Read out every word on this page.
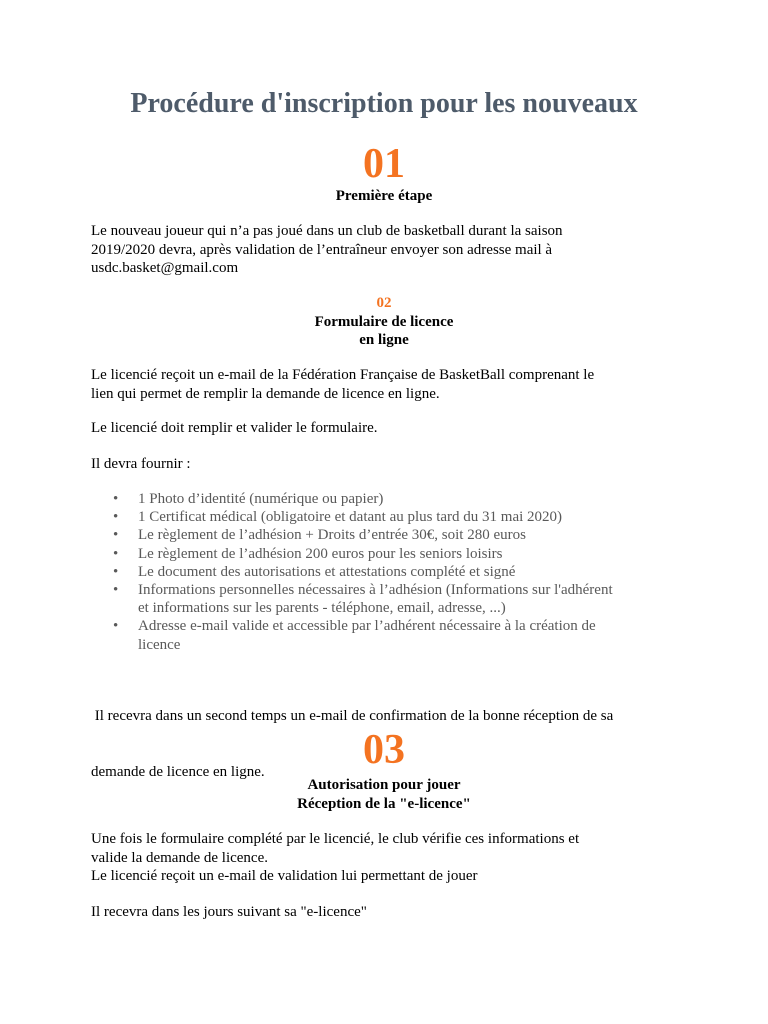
Procédure d'inscription pour les nouveaux
01
Première étape
Le nouveau joueur qui n’a pas joué dans un club de basketball durant la saison
2019/2020 devra, après validation de l’entraîneur envoyer son adresse mail à
usdc.basket@gmail.com
02
Formulaire de licence
en ligne
Le licencié reçoit un e-mail de la Fédération Française de BasketBall comprenant le
lien qui permet de remplir la demande de licence en ligne.
Le licencié doit remplir et valider le formulaire.
Il devra fournir :
• 1 Photo d’identité (numérique ou papier)
• 1 Certificat médical (obligatoire et datant au plus tard du 31 mai 2020)
• Le règlement de l’adhésion + Droits d’entrée 30€, soit 280 euros
• Le règlement de l’adhésion 200 euros pour les seniors loisirs
• Le document des autorisations et attestations complété et signé
• Informations personnelles nécessaires à l’adhésion (Informations sur l'adhérent
et informations sur les parents - téléphone, email, adresse, ...)
• Adresse e-mail valide et accessible par l’adhérent nécessaire à la création de
licence

Il recevra dans un second temps un e-mail de confirmation de la bonne réception de sa

demande de licence en ligne.

	03
Autorisation pour jouer
Réception de la "e-licence"
Une fois le formulaire complété par le licencié, le club vérifie ces informations et
valide la demande de licence.
Le licencié reçoit un e-mail de validation lui permettant de jouer
Il recevra dans les jours suivant sa "e-licence"
